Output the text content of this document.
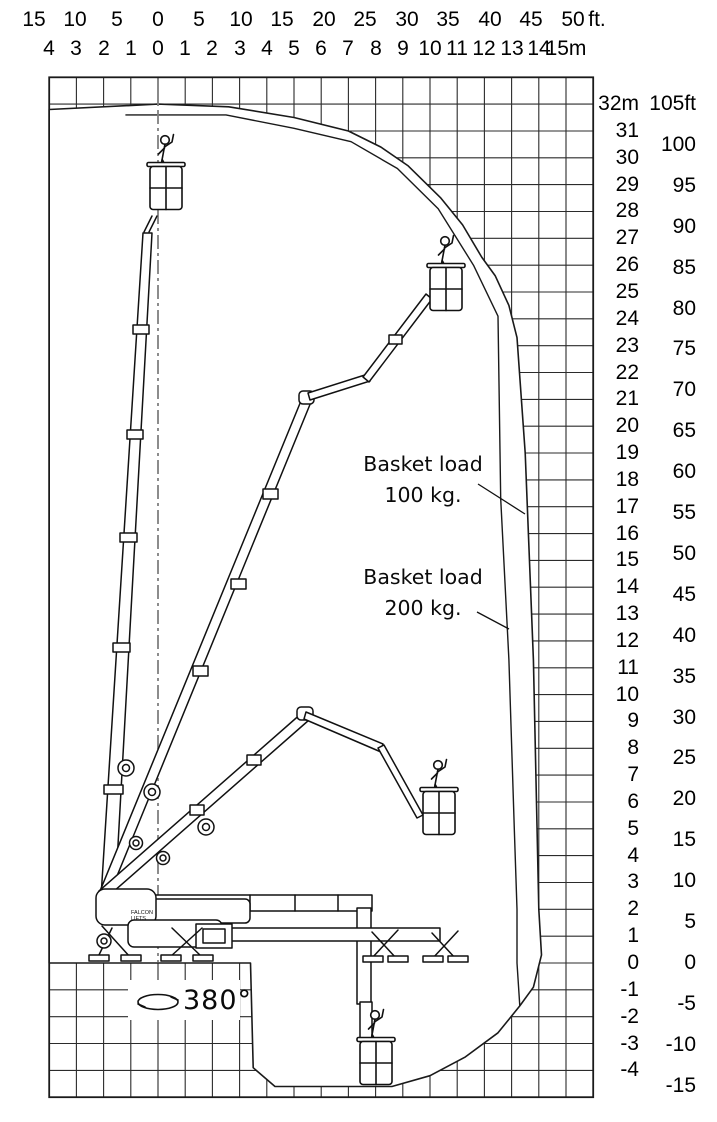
FALCON
LIFTS
Basket load
100 kg.
Basket load
200 kg.
380°
15 10 5 0 5 10 15 20 25 30 35 40 45 50 ft.
4 3 2 1 0 1 2 3 4 5 6 7 8 9 10 11 12 13 14
15m
32m
31
30
29
28
27
26
25
24
23
22
21
20
19
18
17
16
15
14
13
12
11
10
9
8
7
6
5
4
3
2
1
0
-1
-2
-3
-4
105ft
100
95
90
85
80
75
70
65
60
55
50
45
40
35
30
25
20
15
10
5
0
-5
-10
-15
